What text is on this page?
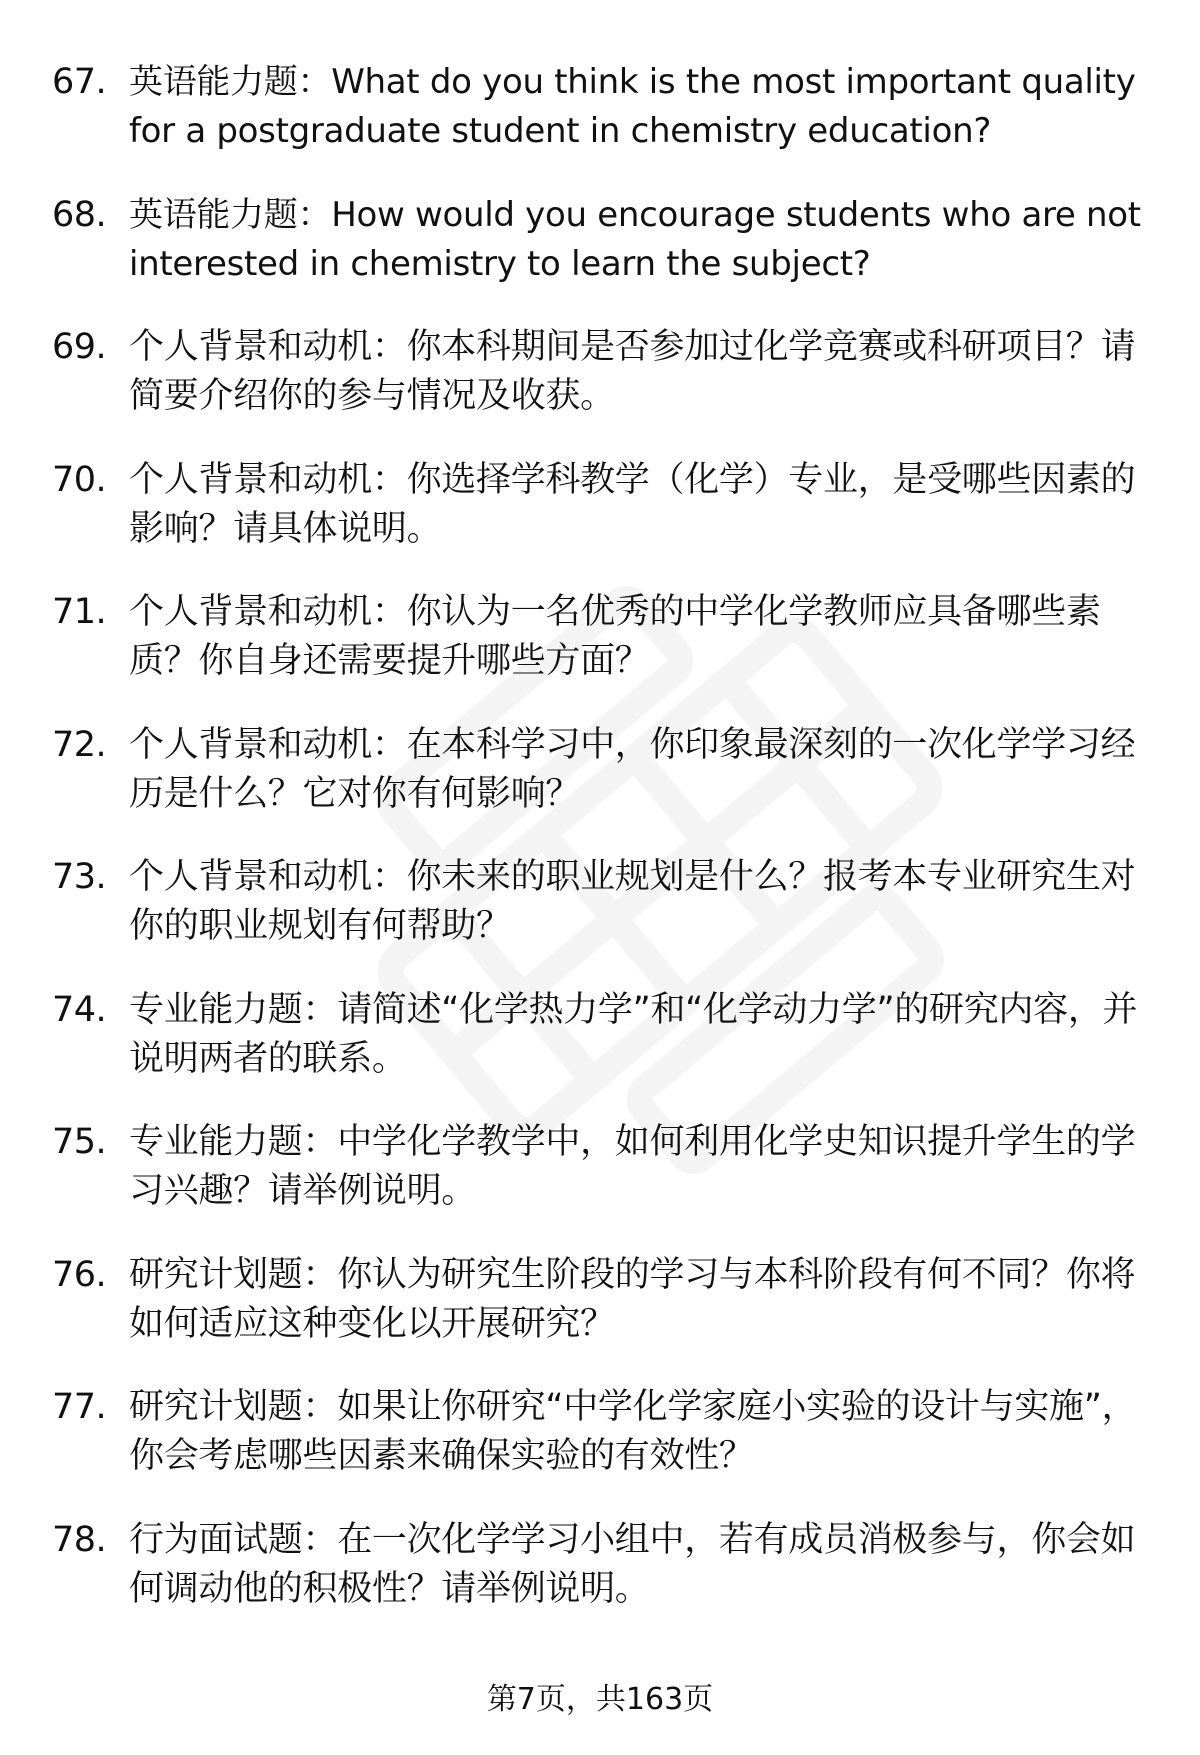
67. 英语能力题：What do you think is the most important quality for a postgraduate student in chemistry education?
68. 英语能力题：How would you encourage students who are not interested in chemistry to learn the subject?
69. 个人背景和动机：你本科期间是否参加过化学竞赛或科研项目？请简要介绍你的参与情况及收获。
70. 个人背景和动机：你选择学科教学（化学）专业，是受哪些因素的影响？请具体说明。
71. 个人背景和动机：你认为一名优秀的中学化学教师应具备哪些素质？你自身还需要提升哪些方面？
72. 个人背景和动机：在本科学习中，你印象最深刻的一次化学学习经历是什么？它对你有何影响？
73. 个人背景和动机：你未来的职业规划是什么？报考本专业研究生对你的职业规划有何帮助？
74. 专业能力题：请简述“化学热力学”和“化学动力学”的研究内容，并说明两者的联系。
75. 专业能力题：中学化学教学中，如何利用化学史知识提升学生的学习兴趣？请举例说明。
76. 研究计划题：你认为研究生阶段的学习与本科阶段有何不同？你将如何适应这种变化以开展研究？
77. 研究计划题：如果让你研究“中学化学家庭小实验的设计与实施”，你会考虑哪些因素来确保实验的有效性？
78. 行为面试题：在一次化学学习小组中，若有成员消极参与，你会如何调动他的积极性？请举例说明。
第7页，共163页
